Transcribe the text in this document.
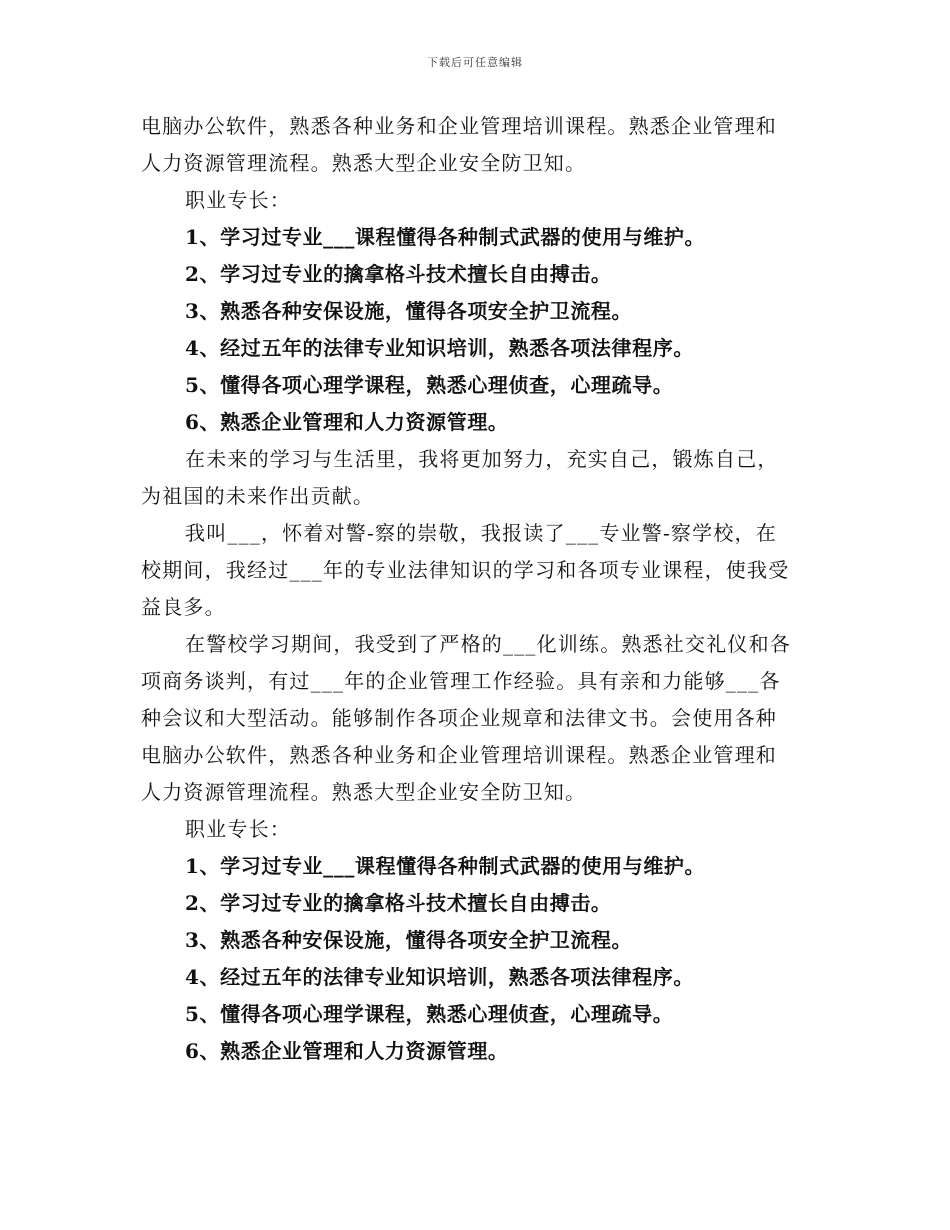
下载后可任意编辑
电脑办公软件，熟悉各种业务和企业管理培训课程。熟悉企业管理和
人力资源管理流程。熟悉大型企业安全防卫知。
职业专长：
1、学习过专业___课程懂得各种制式武器的使用与维护。
2、学习过专业的擒拿格斗技术擅长自由搏击。
3、熟悉各种安保设施，懂得各项安全护卫流程。
4、经过五年的法律专业知识培训，熟悉各项法律程序。
5、懂得各项心理学课程，熟悉心理侦查，心理疏导。
6、熟悉企业管理和人力资源管理。
在未来的学习与生活里，我将更加努力，充实自己，锻炼自己，
为祖国的未来作出贡献。
我叫___，怀着对警-察的崇敬，我报读了___专业警-察学校，在
校期间，我经过___年的专业法律知识的学习和各项专业课程，使我受
益良多。
在警校学习期间，我受到了严格的___化训练。熟悉社交礼仪和各
项商务谈判，有过___年的企业管理工作经验。具有亲和力能够___各
种会议和大型活动。能够制作各项企业规章和法律文书。会使用各种
电脑办公软件，熟悉各种业务和企业管理培训课程。熟悉企业管理和
人力资源管理流程。熟悉大型企业安全防卫知。
职业专长：
1、学习过专业___课程懂得各种制式武器的使用与维护。
2、学习过专业的擒拿格斗技术擅长自由搏击。
3、熟悉各种安保设施，懂得各项安全护卫流程。
4、经过五年的法律专业知识培训，熟悉各项法律程序。
5、懂得各项心理学课程，熟悉心理侦查，心理疏导。
6、熟悉企业管理和人力资源管理。
